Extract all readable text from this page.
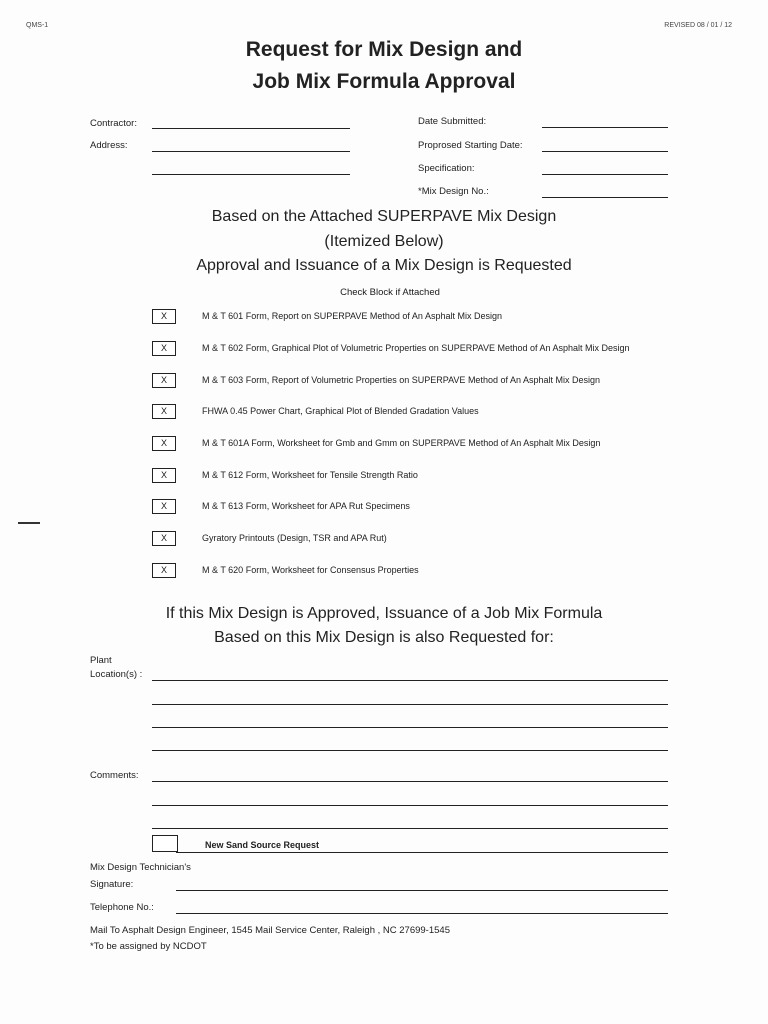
QMS-1	REVISED 08 / 01 / 12
Request for Mix Design and
Job Mix Formula Approval
Contractor:
Address:
Date Submitted:
Proprosed Starting Date:
Specification:
*Mix Design No.:
Based on the Attached SUPERPAVE Mix Design
(Itemized Below)
Approval and Issuance of a Mix Design is Requested
Check Block if Attached
X	M & T 601 Form, Report on SUPERPAVE Method of An Asphalt Mix Design
X	M & T 602 Form, Graphical Plot of Volumetric Properties on SUPERPAVE Method of An Asphalt Mix Design
X	M & T 603 Form, Report of Volumetric Properties on SUPERPAVE Method of An Asphalt Mix Design
X	FHWA 0.45 Power Chart, Graphical Plot of Blended Gradation Values
X	M & T 601A Form, Worksheet for Gmb and Gmm on SUPERPAVE Method of An Asphalt Mix Design
X	M & T 612 Form, Worksheet for Tensile Strength Ratio
X	M & T 613 Form, Worksheet for APA Rut Specimens
X	Gyratory Printouts (Design, TSR and APA Rut)
X	M & T 620 Form, Worksheet for Consensus Properties
If this Mix Design is Approved, Issuance of a Job Mix Formula
Based on this Mix Design is also Requested for:
Plant
Location(s) :
Comments:
New Sand Source Request
Mix Design Technician's
Signature:
Telephone No.:
Mail To Asphalt Design Engineer, 1545 Mail Service Center, Raleigh , NC 27699-1545
*To be assigned by NCDOT
